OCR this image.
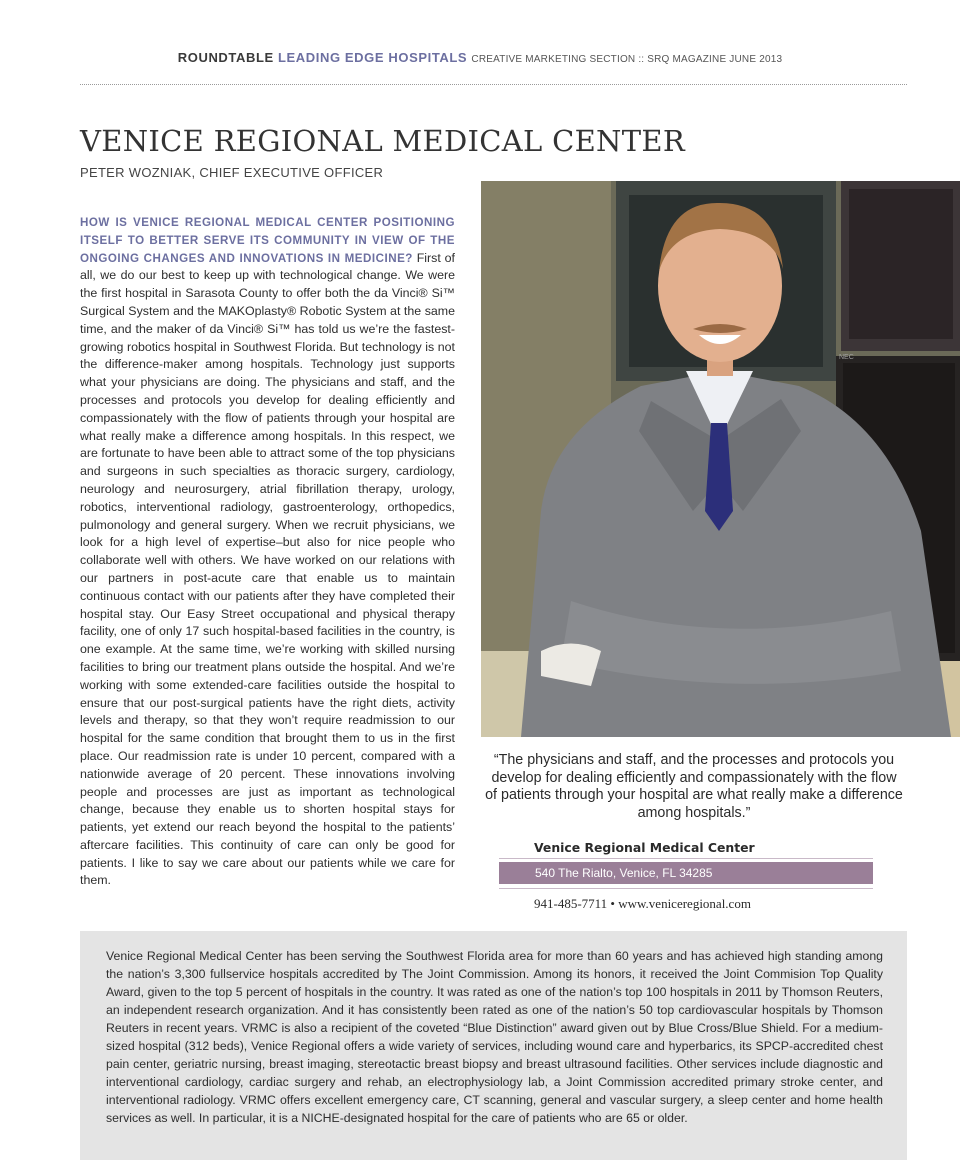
ROUNDTABLE LEADING EDGE HOSPITALS CREATIVE MARKETING SECTION :: SRQ MAGAZINE JUNE 2013
VENICE REGIONAL MEDICAL CENTER
PETER WOZNIAK, CHIEF EXECUTIVE OFFICER

HOW IS VENICE REGIONAL MEDICAL CENTER POSITIONING ITSELF TO BETTER SERVE ITS COMMUNITY IN VIEW OF THE ONGOING CHANGES AND INNOVATIONS IN MEDICINE? First of all, we do our best to keep up with technological change. We were the first hospital in Sarasota County to offer both the da Vinci® Si™ Surgical System and the MAKOplasty® Robotic System at the same time, and the maker of da Vinci® Si™ has told us we’re the fastest-growing robotics hospital in Southwest Florida. But technology is not the difference-maker among hospitals. Technology just supports what your physicians are doing. The physicians and staff, and the processes and protocols you develop for dealing efficiently and compassionately with the flow of patients through your hospital are what really make a difference among hospitals. In this respect, we are fortunate to have been able to attract some of the top physicians and surgeons in such specialties as thoracic surgery, cardiology, neurology and neurosurgery, atrial fibrillation therapy, urology, robotics, interventional radiology, gastroenterology, orthopedics, pulmonology and general surgery. When we recruit physicians, we look for a high level of expertise–but also for nice people who collaborate well with others. We have worked on our relations with our partners in post-acute care that enable us to maintain continuous contact with our patients after they have completed their hospital stay. Our Easy Street occupational and physical therapy facility, one of only 17 such hospital-based facilities in the country, is one example. At the same time, we’re working with skilled nursing facilities to bring our treatment plans outside the hospital. And we’re working with some extended-care facilities outside the hospital to ensure that our post-surgical patients have the right diets, activity levels and therapy, so that they won’t require readmission to our hospital for the same condition that brought them to us in the first place. Our readmission rate is under 10 percent, compared with a nationwide average of 20 percent. These innovations involving people and processes are just as important as technological change, because they enable us to shorten hospital stays for patients, yet extend our reach beyond the hospital to the patients’ aftercare facilities. This continuity of care can only be good for patients. I like to say we care about our patients while we care for them.

NEC

“The physicians and staff, and the processes and protocols you develop for dealing efficiently and compassionately with the flow of patients through your hospital are what really make a difference among hospitals.”

Venice Regional Medical Center
540 The Rialto, Venice, FL 34285
941-485-7711 • www.veniceregional.com

Venice Regional Medical Center has been serving the Southwest Florida area for more than 60 years and has achieved high standing among the nation’s 3,300 fullservice hospitals accredited by The Joint Commission. Among its honors, it received the Joint Commision Top Quality Award, given to the top 5 percent of hospitals in the country. It was rated as one of the nation’s top 100 hospitals in 2011 by Thomson Reuters, an independent research organization. And it has consistently been rated as one of the nation’s 50 top cardiovascular hospitals by Thomson Reuters in recent years. VRMC is also a recipient of the coveted “Blue Distinction” award given out by Blue Cross/Blue Shield. For a medium-sized hospital (312 beds), Venice Regional offers a wide variety of services, including wound care and hyperbarics, its SPCP-accredited chest pain center, geriatric nursing, breast imaging, stereotactic breast biopsy and breast ultrasound facilities. Other services include diagnostic and interventional cardiology, cardiac surgery and rehab, an electrophysiology lab, a Joint Commission accredited primary stroke center, and interventional radiology. VRMC offers excellent emergency care, CT scanning, general and vascular surgery, a sleep center and home health services as well. In particular, it is a NICHE-designated hospital for the care of patients who are 65 or older.
